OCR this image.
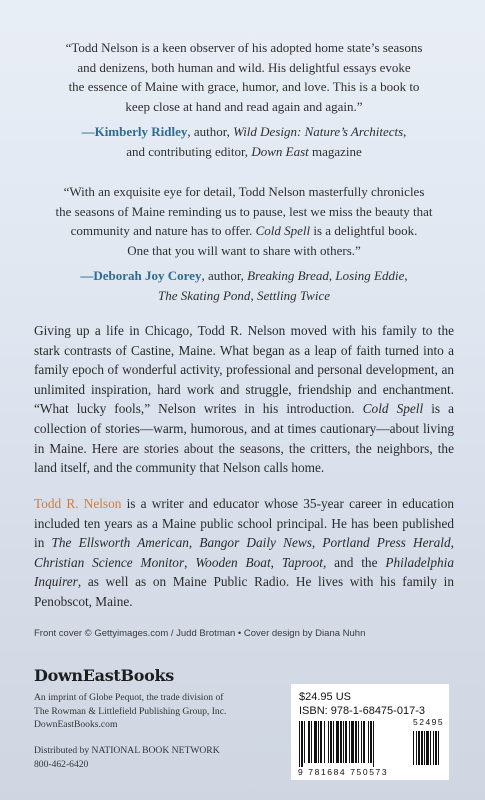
“Todd Nelson is a keen observer of his adopted home state’s seasons
and denizens, both human and wild. His delightful essays evoke
the essence of Maine with grace, humor, and love. This is a book to
keep close at hand and read again and again.”
—Kimberly Ridley, author, Wild Design: Nature’s Architects,
and contributing editor, Down East magazine
“With an exquisite eye for detail, Todd Nelson masterfully chronicles
the seasons of Maine reminding us to pause, lest we miss the beauty that
community and nature has to offer. Cold Spell is a delightful book.
One that you will want to share with others.”
—Deborah Joy Corey, author, Breaking Bread, Losing Eddie,
The Skating Pond, Settling Twice
Giving up a life in Chicago, Todd R. Nelson moved with his family to the stark contrasts of Castine, Maine. What began as a leap of faith turned into a family epoch of wonderful activity, professional and personal development, an unlimited inspiration, hard work and struggle, friendship and enchantment. “What lucky fools,” Nelson writes in his introduction. Cold Spell is a collection of stories—warm, humorous, and at times cautionary—about living in Maine. Here are stories about the seasons, the critters, the neighbors, the land itself, and the community that Nelson calls home.
Todd R. Nelson is a writer and educator whose 35-year career in education included ten years as a Maine public school principal. He has been published in The Ellsworth American, Bangor Daily News, Portland Press Herald, Christian Science Monitor, Wooden Boat, Taproot, and the Philadelphia Inquirer, as well as on Maine Public Radio. He lives with his family in Penobscot, Maine.
Front cover © Gettyimages.com / Judd Brotman • Cover design by Diana Nuhn
DownEastBooks
An imprint of Globe Pequot, the trade division of
The Rowman & Littlefield Publishing Group, Inc.
DownEastBooks.com
Distributed by NATIONAL BOOK NETWORK
800-462-6420
$24.95 US
ISBN: 978-1-68475-017-3
52495
9 781684 750573
